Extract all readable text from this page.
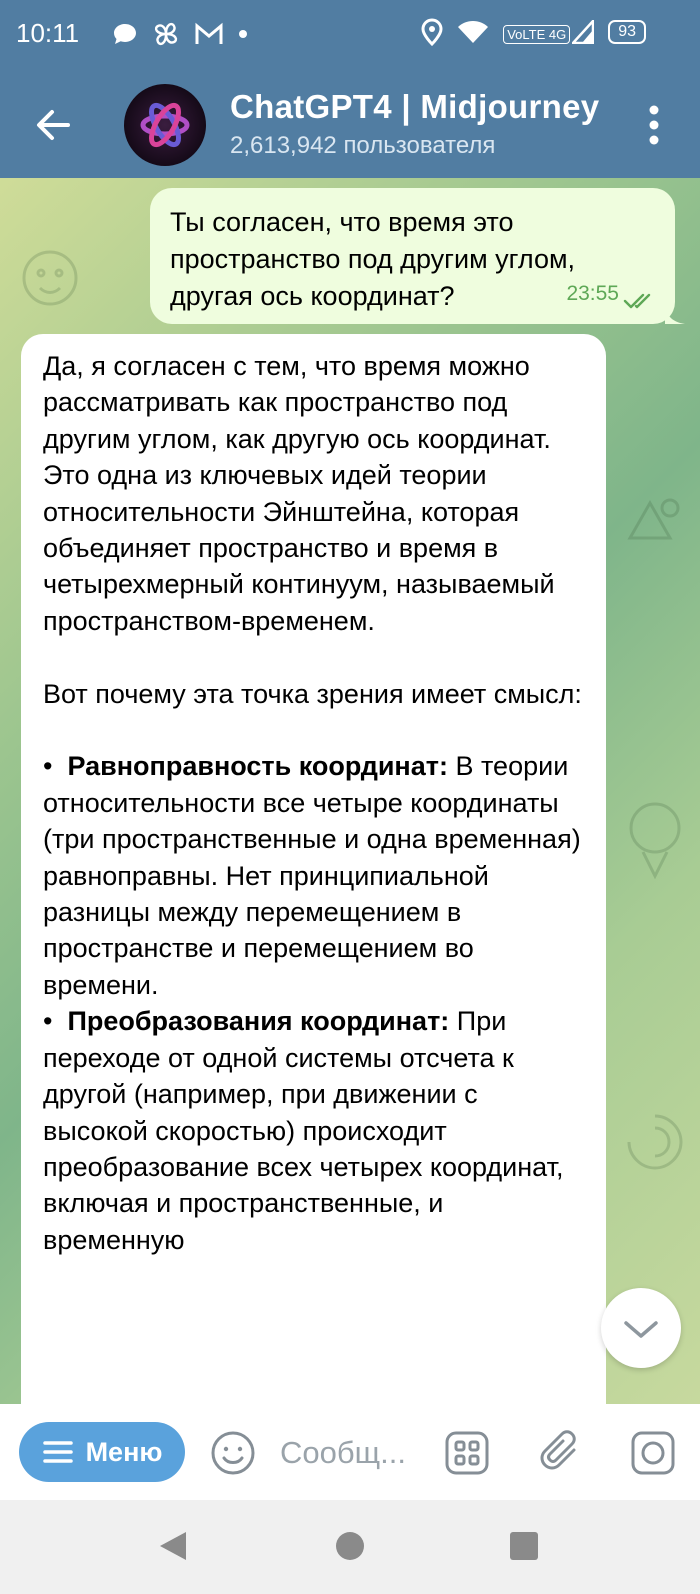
10:11	VoLTE 4G	93
ChatGPT4 | Midjourney
2,613,942 пользователя
Ты согласен, что время это пространство под другим углом, другая ось координат?	23:55

Да, я согласен с тем, что время можно рассматривать как пространство под другим углом, как другую ось координат. Это одна из ключевых идей теории относительности Эйнштейна, которая объединяет пространство и время в четырехмерный континуум, называемый пространством-временем.

Вот почему эта точка зрения имеет смысл:

•  Равноправность координат: В теории относительности все четыре координаты (три пространственные и одна временная) равноправны. Нет принципиальной разницы между перемещением в пространстве и перемещением во времени.

•  Преобразования координат: При переходе от одной системы отсчета к другой (например, при движении с высокой скоростью) происходит преобразование всех четырех координат, включая и пространственные, и временную

Меню
Сообщ...
